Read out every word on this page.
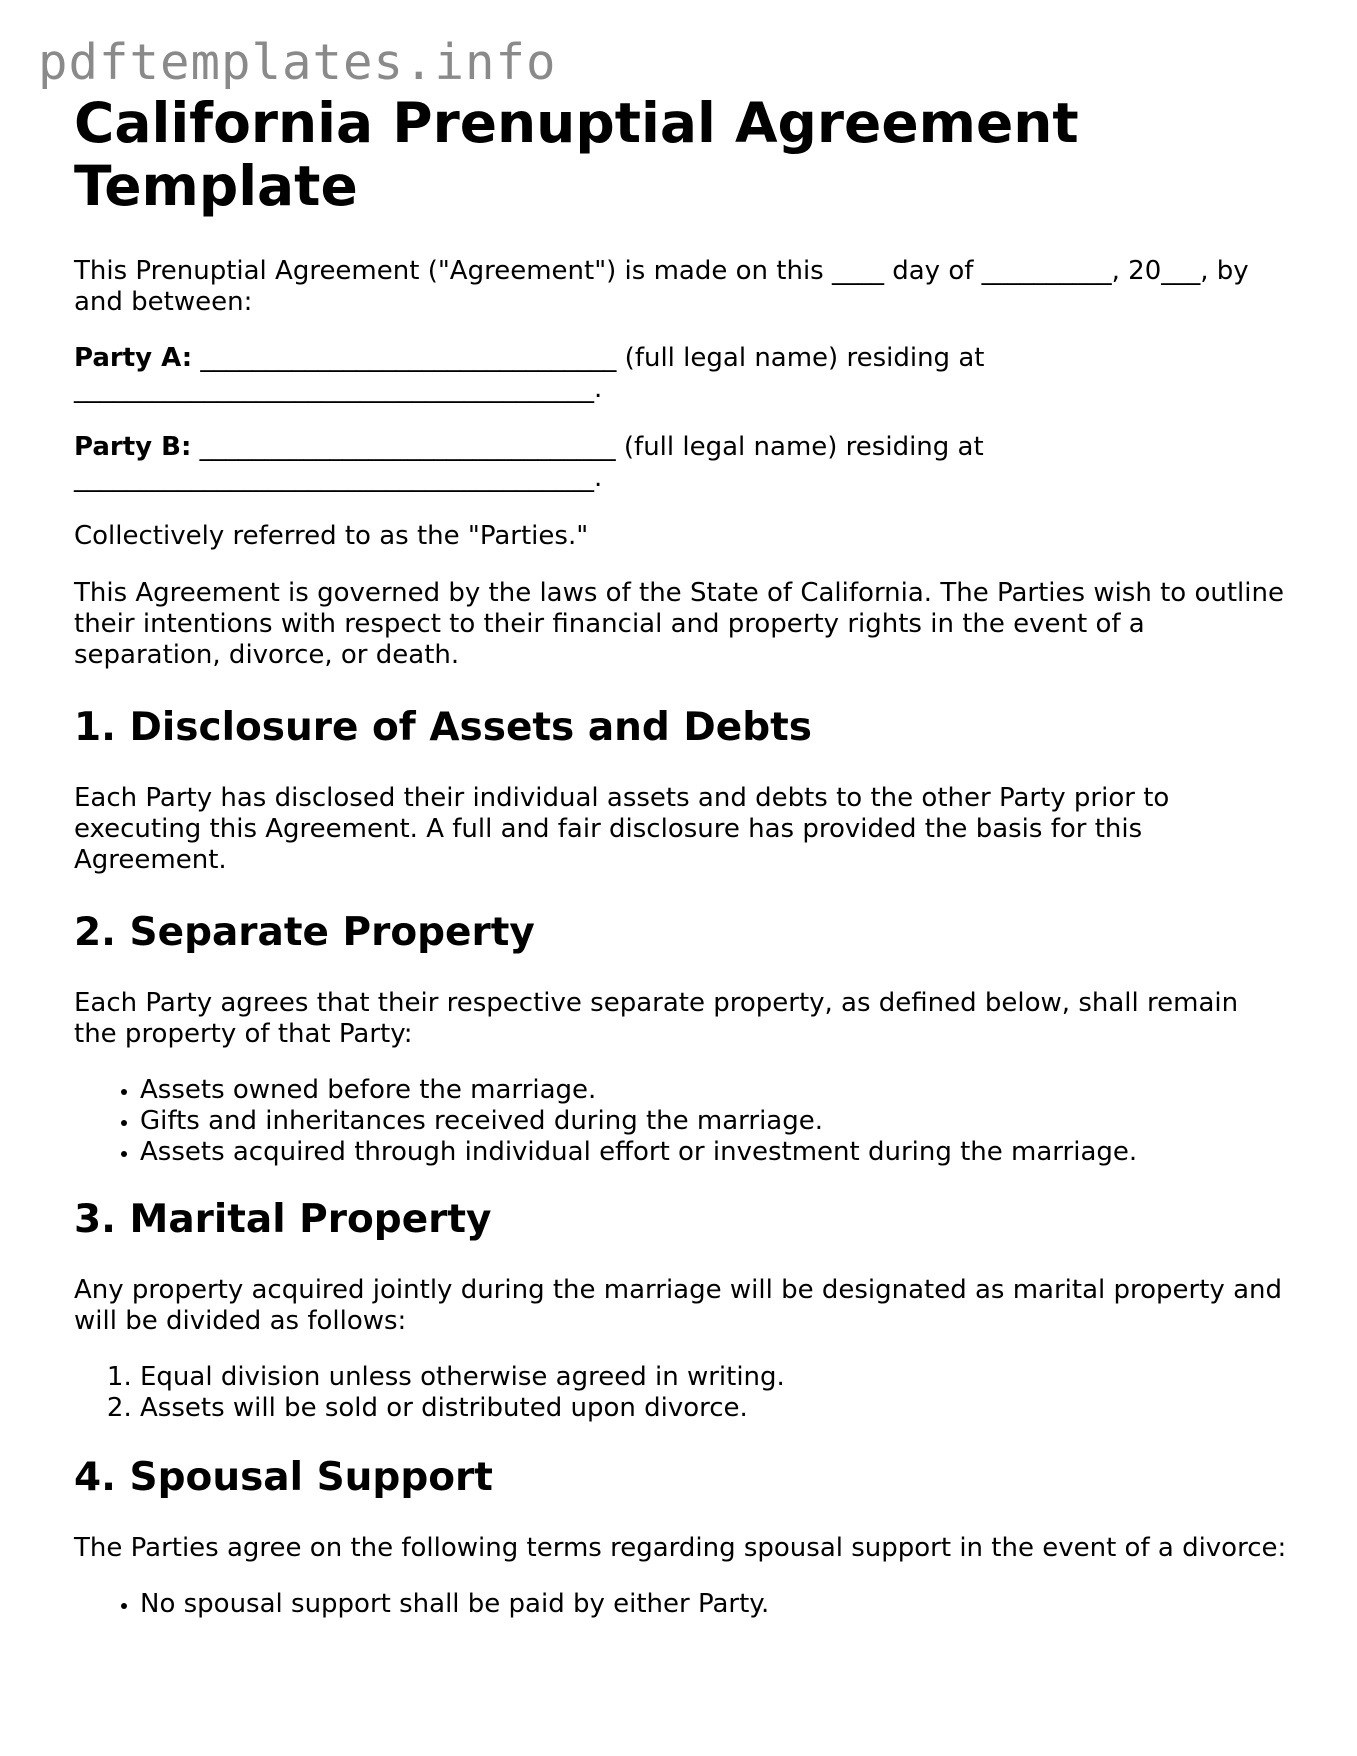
pdftemplates.info
California Prenuptial Agreement Template

This Prenuptial Agreement ("Agreement") is made on this ____ day of __________, 20___, by and between:

Party A: ________________________________ (full legal name) residing at ________________________________________.

Party B: ________________________________ (full legal name) residing at ________________________________________.

Collectively referred to as the "Parties."

This Agreement is governed by the laws of the State of California. The Parties wish to outline their intentions with respect to their financial and property rights in the event of a separation, divorce, or death.

1. Disclosure of Assets and Debts

Each Party has disclosed their individual assets and debts to the other Party prior to executing this Agreement. A full and fair disclosure has provided the basis for this Agreement.

2. Separate Property

Each Party agrees that their respective separate property, as defined below, shall remain the property of that Party:

• Assets owned before the marriage.
• Gifts and inheritances received during the marriage.
• Assets acquired through individual effort or investment during the marriage.
3. Marital Property

Any property acquired jointly during the marriage will be designated as marital property and will be divided as follows:

1. Equal division unless otherwise agreed in writing.
2. Assets will be sold or distributed upon divorce.
4. Spousal Support

The Parties agree on the following terms regarding spousal support in the event of a divorce:

• No spousal support shall be paid by either Party.
